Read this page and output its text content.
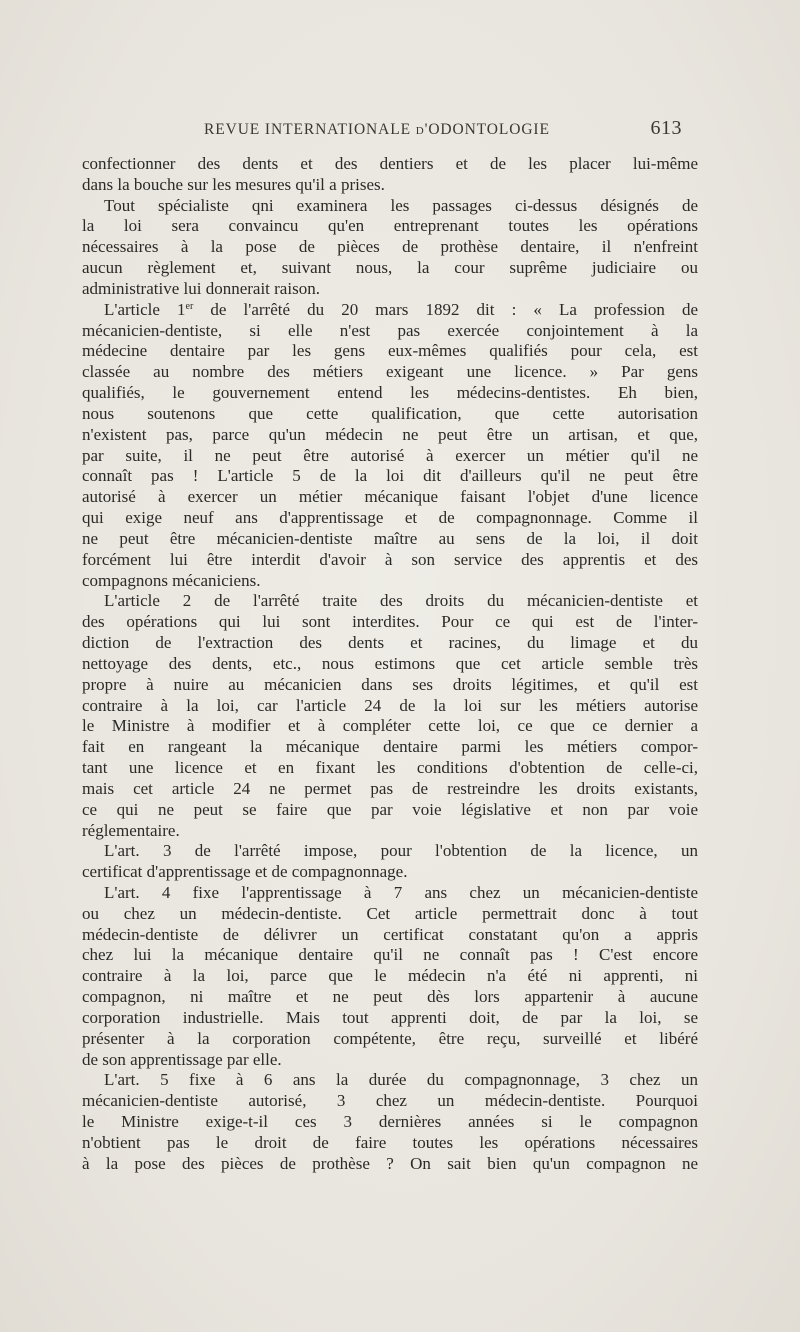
REVUE INTERNATIONALE d'ODONTOLOGIE	613
confectionner des dents et des dentiers et de les placer lui-même
dans la bouche sur les mesures qu'il a prises.
Tout spécialiste qni examinera les passages ci-dessus désignés de
la loi sera convaincu qu'en entreprenant toutes les opérations
nécessaires à la pose de pièces de prothèse dentaire, il n'enfreint
aucun règlement et, suivant nous, la cour suprême judiciaire ou
administrative lui donnerait raison.
L'article 1er de l'arrêté du 20 mars 1892 dit : « La profession de
mécanicien-dentiste, si elle n'est pas exercée conjointement à la
médecine dentaire par les gens eux-mêmes qualifiés pour cela, est
classée au nombre des métiers exigeant une licence. » Par gens
qualifiés, le gouvernement entend les médecins-dentistes. Eh bien,
nous soutenons que cette qualification, que cette autorisation
n'existent pas, parce qu'un médecin ne peut être un artisan, et que,
par suite, il ne peut être autorisé à exercer un métier qu'il ne
connaît pas ! L'article 5 de la loi dit d'ailleurs qu'il ne peut être
autorisé à exercer un métier mécanique faisant l'objet d'une licence
qui exige neuf ans d'apprentissage et de compagnonnage. Comme il
ne peut être mécanicien-dentiste maître au sens de la loi, il doit
forcément lui être interdit d'avoir à son service des apprentis et des
compagnons mécaniciens.
L'article 2 de l'arrêté traite des droits du mécanicien-dentiste et
des opérations qui lui sont interdites. Pour ce qui est de l'inter-
diction de l'extraction des dents et racines, du limage et du
nettoyage des dents, etc., nous estimons que cet article semble très
propre à nuire au mécanicien dans ses droits légitimes, et qu'il est
contraire à la loi, car l'article 24 de la loi sur les métiers autorise
le Ministre à modifier et à compléter cette loi, ce que ce dernier a
fait en rangeant la mécanique dentaire parmi les métiers compor-
tant une licence et en fixant les conditions d'obtention de celle-ci,
mais cet article 24 ne permet pas de restreindre les droits existants,
ce qui ne peut se faire que par voie législative et non par voie
réglementaire.
L'art. 3 de l'arrêté impose, pour l'obtention de la licence, un
certificat d'apprentissage et de compagnonnage.
L'art. 4 fixe l'apprentissage à 7 ans chez un mécanicien-dentiste
ou chez un médecin-dentiste. Cet article permettrait donc à tout
médecin-dentiste de délivrer un certificat constatant qu'on a appris
chez lui la mécanique dentaire qu'il ne connaît pas ! C'est encore
contraire à la loi, parce que le médecin n'a été ni apprenti, ni
compagnon, ni maître et ne peut dès lors appartenir à aucune
corporation industrielle. Mais tout apprenti doit, de par la loi, se
présenter à la corporation compétente, être reçu, surveillé et libéré
de son apprentissage par elle.
L'art. 5 fixe à 6 ans la durée du compagnonnage, 3 chez un
mécanicien-dentiste autorisé, 3 chez un médecin-dentiste. Pourquoi
le Ministre exige-t-il ces 3 dernières années si le compagnon
n'obtient pas le droit de faire toutes les opérations nécessaires
à la pose des pièces de prothèse ? On sait bien qu'un compagnon ne
